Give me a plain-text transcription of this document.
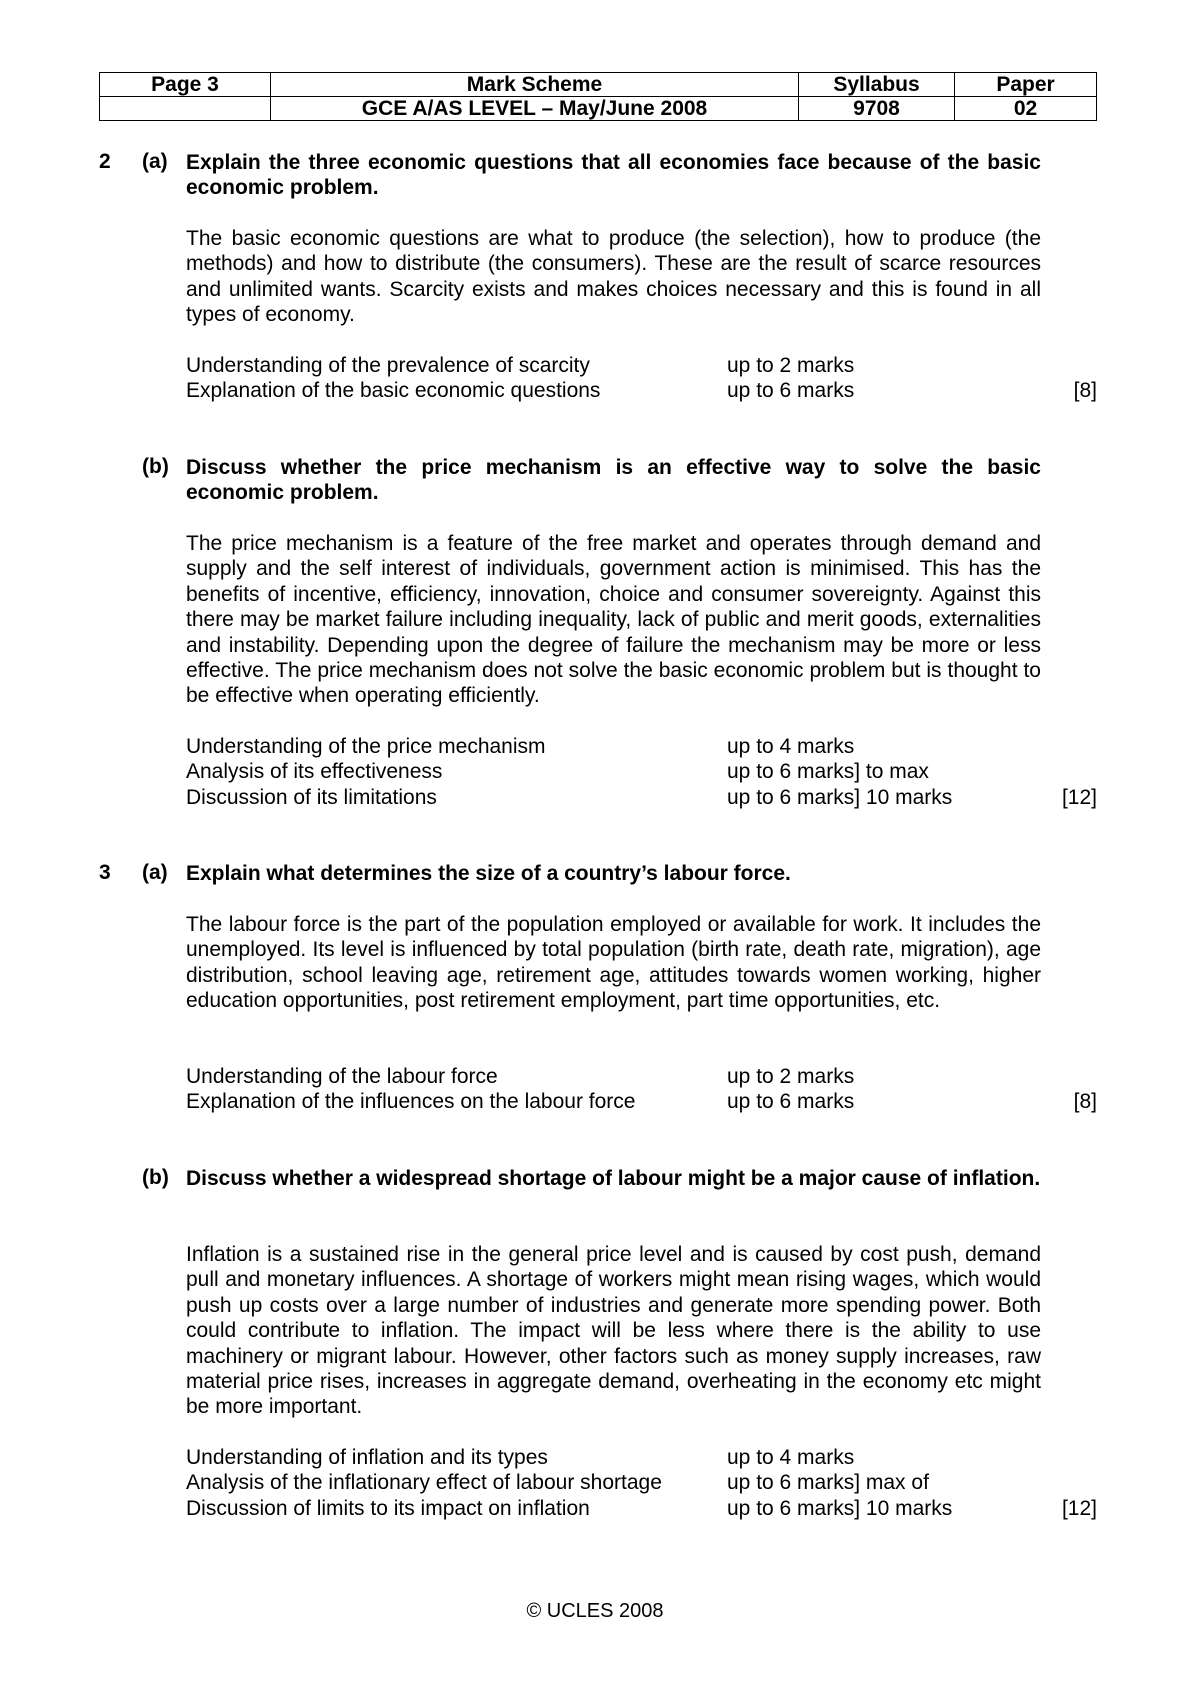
Page 3	Mark Scheme	Syllabus	Paper
	GCE A/AS LEVEL – May/June 2008	9708	02
2 (a) Explain the three economic questions that all economies face because of the basic economic problem.
The basic economic questions are what to produce (the selection), how to produce (the methods) and how to distribute (the consumers). These are the result of scarce resources and unlimited wants. Scarcity exists and makes choices necessary and this is found in all types of economy.
Understanding of the prevalence of scarcity	up to 2 marks
Explanation of the basic economic questions	up to 6 marks	[8]
(b) Discuss whether the price mechanism is an effective way to solve the basic economic problem.
The price mechanism is a feature of the free market and operates through demand and supply and the self interest of individuals, government action is minimised. This has the benefits of incentive, efficiency, innovation, choice and consumer sovereignty. Against this there may be market failure including inequality, lack of public and merit goods, externalities and instability. Depending upon the degree of failure the mechanism may be more or less effective. The price mechanism does not solve the basic economic problem but is thought to be effective when operating efficiently.
Understanding of the price mechanism	up to 4 marks
Analysis of its effectiveness	up to 6 marks] to max
Discussion of its limitations	up to 6 marks] 10 marks	[12]
3 (a) Explain what determines the size of a country’s labour force.
The labour force is the part of the population employed or available for work. It includes the unemployed. Its level is influenced by total population (birth rate, death rate, migration), age distribution, school leaving age, retirement age, attitudes towards women working, higher education opportunities, post retirement employment, part time opportunities, etc.
Understanding of the labour force	up to 2 marks
Explanation of the influences on the labour force	up to 6 marks	[8]
(b) Discuss whether a widespread shortage of labour might be a major cause of inflation.
Inflation is a sustained rise in the general price level and is caused by cost push, demand pull and monetary influences. A shortage of workers might mean rising wages, which would push up costs over a large number of industries and generate more spending power. Both could contribute to inflation. The impact will be less where there is the ability to use machinery or migrant labour. However, other factors such as money supply increases, raw material price rises, increases in aggregate demand, overheating in the economy etc might be more important.
Understanding of inflation and its types	up to 4 marks
Analysis of the inflationary effect of labour shortage	up to 6 marks] max of
Discussion of limits to its impact on inflation	up to 6 marks] 10 marks	[12]
© UCLES 2008
